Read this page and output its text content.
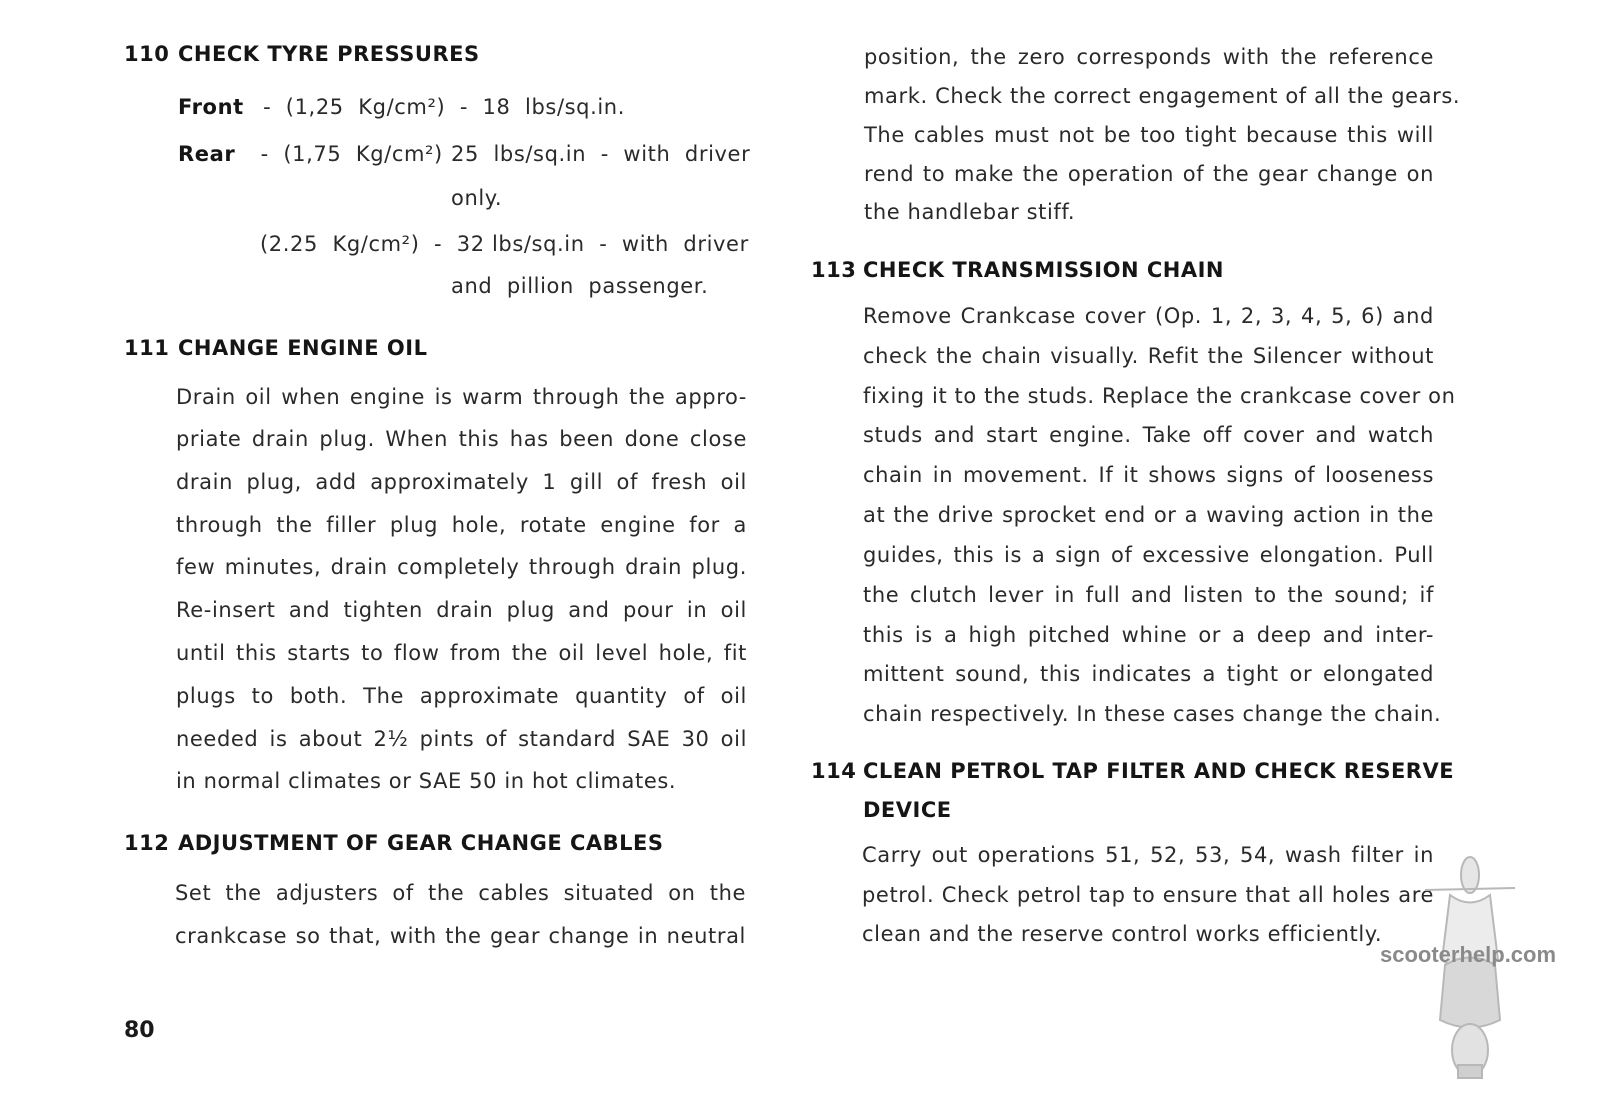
110 CHECK TYRE PRESSURES
Front -  (1,25  Kg/cm²)  -  18  lbs/sq.in.
Rear -  (1,75  Kg/cm²) 25  lbs/sq.in  -  with  driver
only.
(2.25  Kg/cm²)  -  32 lbs/sq.in  -  with  driver
and  pillion  passenger.
111 CHANGE ENGINE OIL
Drain oil when engine is warm through the appro-
priate drain plug. When this has been done close
drain plug, add approximately 1 gill of fresh oil
through the filler plug hole, rotate engine for a
few minutes, drain completely through drain plug.
Re-insert and tighten drain plug and pour in oil
until this starts to flow from the oil level hole, fit
plugs to both. The approximate quantity of oil
needed is about 2½ pints of standard SAE 30 oil
in normal climates or SAE 50 in hot climates.
112 ADJUSTMENT OF GEAR CHANGE CABLES
Set the adjusters of the cables situated on the
crankcase so that, with the gear change in neutral
80
position, the zero corresponds with the reference
mark. Check the correct engagement of all the gears.
The cables must not be too tight because this will
rend to make the operation of the gear change on
the handlebar stiff.
113 CHECK TRANSMISSION CHAIN
Remove Crankcase cover (Op. 1, 2, 3, 4, 5, 6) and
check the chain visually. Refit the Silencer without
fixing it to the studs. Replace the crankcase cover on
studs and start engine. Take off cover and watch
chain in movement. If it shows signs of looseness
at the drive sprocket end or a waving action in the
guides, this is a sign of excessive elongation. Pull
the clutch lever in full and listen to the sound; if
this is a high pitched whine or a deep and inter-
mittent sound, this indicates a tight or elongated
chain respectively. In these cases change the chain.
114 CLEAN PETROL TAP FILTER AND CHECK RESERVE
DEVICE
Carry out operations 51, 52, 53, 54, wash filter in
petrol. Check petrol tap to ensure that all holes are
clean and the reserve control works efficiently.
scooterhelp.com
